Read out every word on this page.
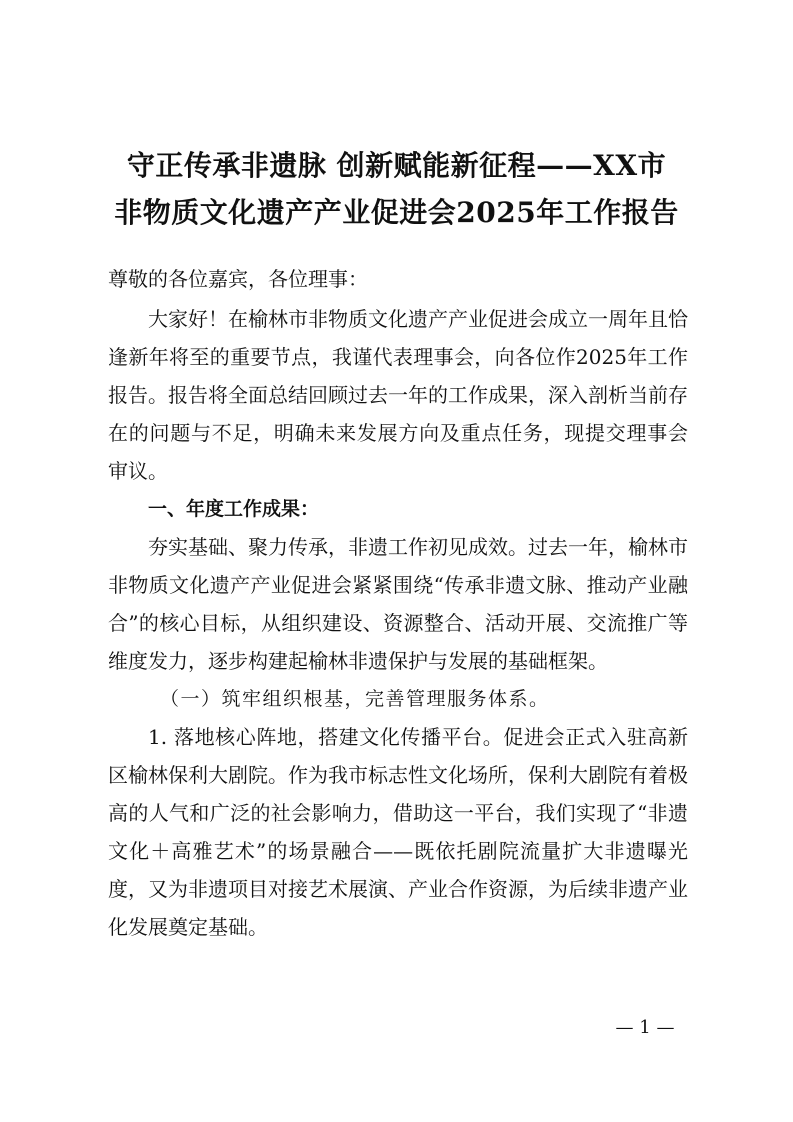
守正传承非遗脉 创新赋能新征程——XX市
非物质文化遗产产业促进会2025年工作报告
尊敬的各位嘉宾，各位理事：
大家好！在榆林市非物质文化遗产产业促进会成立一周年且恰
逢新年将至的重要节点，我谨代表理事会，向各位作2025年工作
报告。报告将全面总结回顾过去一年的工作成果，深入剖析当前存
在的问题与不足，明确未来发展方向及重点任务，现提交理事会
审议。
一、年度工作成果：
夯实基础、聚力传承，非遗工作初见成效。过去一年，榆林市
非物质文化遗产产业促进会紧紧围绕“传承非遗文脉、推动产业融
合”的核心目标，从组织建设、资源整合、活动开展、交流推广等
维度发力，逐步构建起榆林非遗保护与发展的基础框架。
（一）筑牢组织根基，完善管理服务体系。
1. 落地核心阵地，搭建文化传播平台。促进会正式入驻高新
区榆林保利大剧院。作为我市标志性文化场所，保利大剧院有着极
高的人气和广泛的社会影响力，借助这一平台，我们实现了“非遗
文化＋高雅艺术”的场景融合——既依托剧院流量扩大非遗曝光
度，又为非遗项目对接艺术展演、产业合作资源，为后续非遗产业
化发展奠定基础。
— 1 —
